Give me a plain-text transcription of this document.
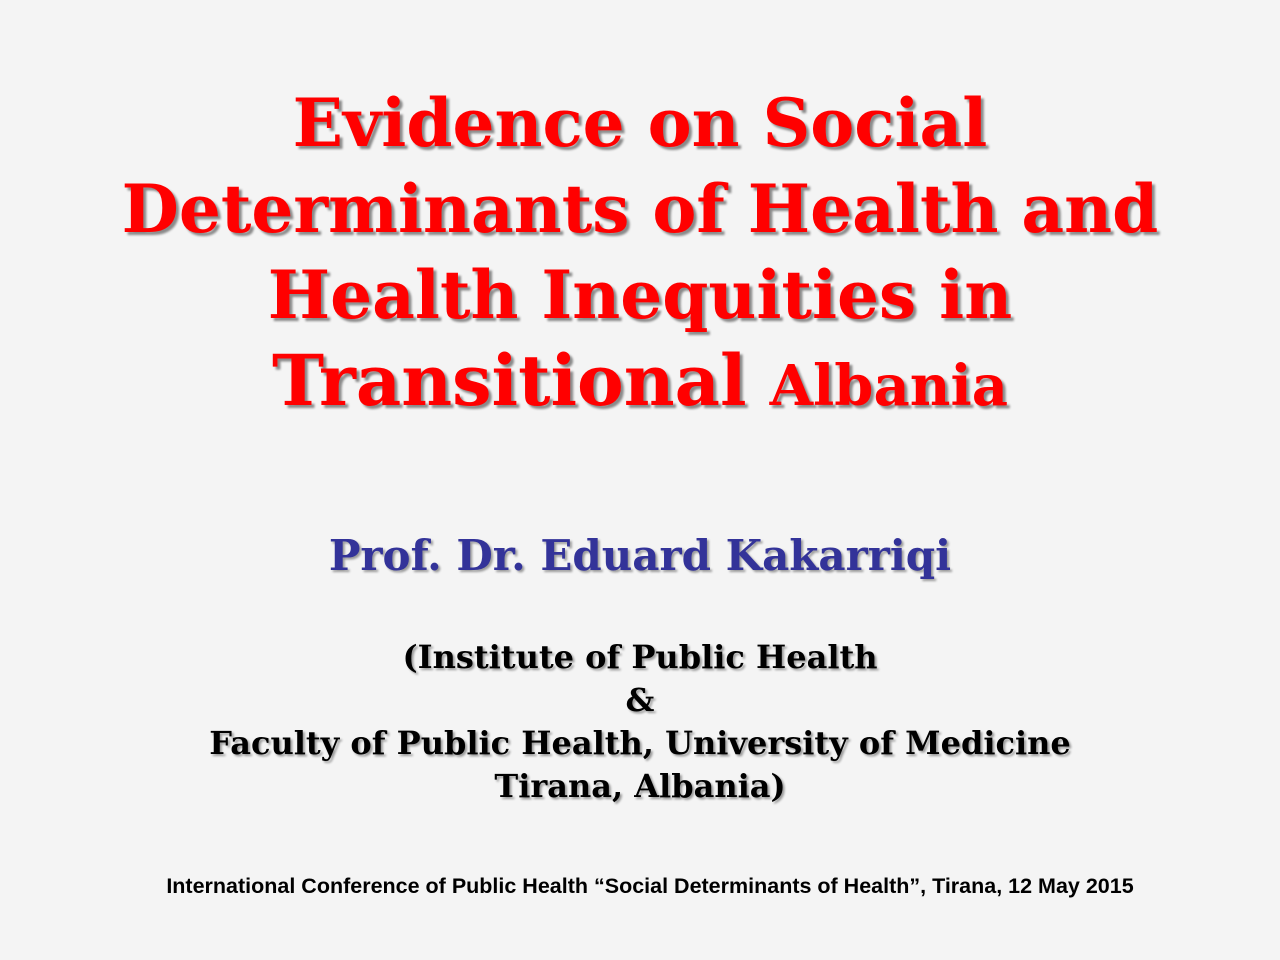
Evidence on Social
Determinants of Health and
Health Inequities in
Transitional Albania
Prof. Dr. Eduard Kakarriqi
(Institute of Public Health
&
Faculty of Public Health, University of Medicine
Tirana, Albania)
International Conference of Public Health “Social Determinants of Health”, Tirana, 12 May 2015
